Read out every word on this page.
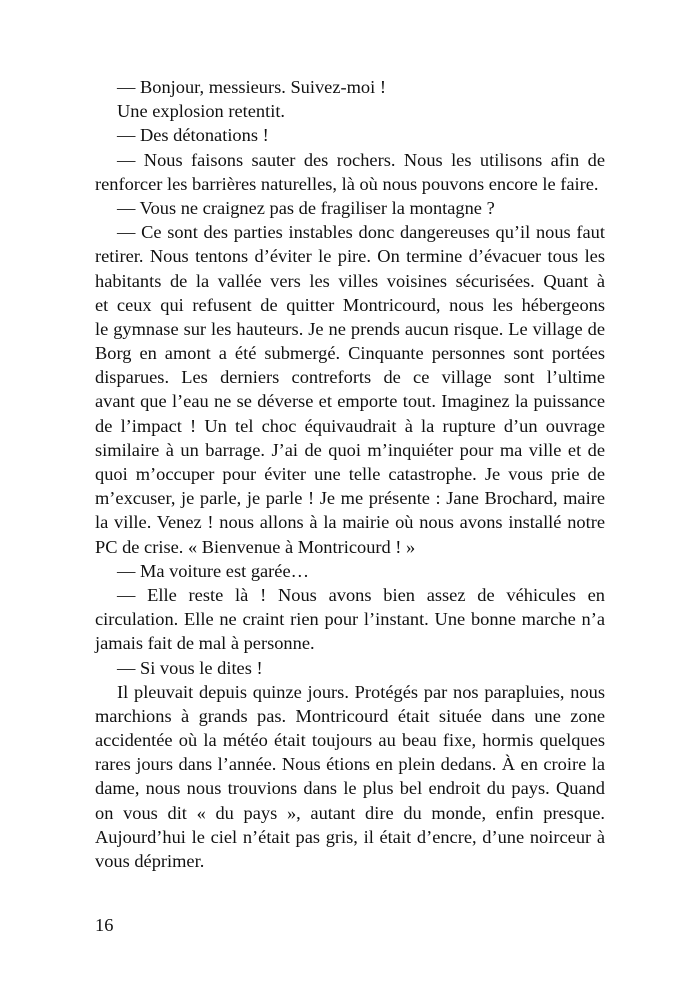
— Bonjour, messieurs. Suivez-moi !
Une explosion retentit.
— Des détonations !
— Nous faisons sauter des rochers. Nous les utilisons afin de
renforcer les barrières naturelles, là où nous pouvons encore le faire.
— Vous ne craignez pas de fragiliser la montagne ?
— Ce sont des parties instables donc dangereuses qu’il nous faut
retirer. Nous tentons d’éviter le pire. On termine d’évacuer tous les
habitants de la vallée vers les villes voisines sécurisées. Quant à
et ceux qui refusent de quitter Montricourd, nous les hébergeons
le gymnase sur les hauteurs. Je ne prends aucun risque. Le village de
Borg en amont a été submergé. Cinquante personnes sont portées
disparues. Les derniers contreforts de ce village sont l’ultime
avant que l’eau ne se déverse et emporte tout. Imaginez la puissance
de l’impact ! Un tel choc équivaudrait à la rupture d’un ouvrage
similaire à un barrage. J’ai de quoi m’inquiéter pour ma ville et de
quoi m’occuper pour éviter une telle catastrophe. Je vous prie de
m’excuser, je parle, je parle ! Je me présente : Jane Brochard, maire
la ville. Venez ! nous allons à la mairie où nous avons installé notre
PC de crise. « Bienvenue à Montricourd ! »
— Ma voiture est garée…
— Elle reste là ! Nous avons bien assez de véhicules en
circulation. Elle ne craint rien pour l’instant. Une bonne marche n’a
jamais fait de mal à personne.
— Si vous le dites !
Il pleuvait depuis quinze jours. Protégés par nos parapluies, nous
marchions à grands pas. Montricourd était située dans une zone
accidentée où la météo était toujours au beau fixe, hormis quelques
rares jours dans l’année. Nous étions en plein dedans. À en croire la
dame, nous nous trouvions dans le plus bel endroit du pays. Quand
on vous dit « du pays », autant dire du monde, enfin presque.
Aujourd’hui le ciel n’était pas gris, il était d’encre, d’une noirceur à
vous déprimer.
16
